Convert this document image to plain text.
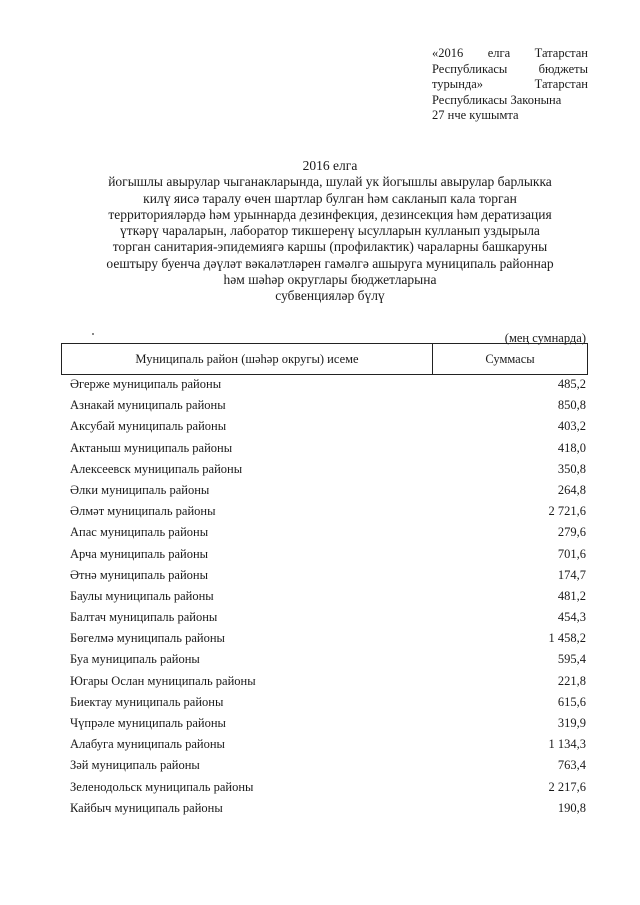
«2016 елга Татарстан
Республикасы бюджеты
турында» Татарстан
Республикасы Законына
27 нче кушымта
2016 елга
йогышлы авырулар чыганакларында, шулай ук йогышлы авырулар барлыкка
килү яисә таралу өчен шартлар булган һәм сакланып кала торган
территорияләрдә һәм урыннарда дезинфекция, дезинсекция һәм дератизация
үткәрү чараларын, лаборатор тикшеренү ысулларын кулланып уздырыла
торган санитария-эпидемиягә каршы (профилактик) чараларны башкаруны
оештыру буенча дәүләт вәкаләтләрен гамәлгә ашыруга муниципаль районнар
һәм шәһәр округлары бюджетларына
субвенцияләр бүлү
(мең сумнарда)
Муниципаль район (шәһәр округы) исеме	Суммасы
Әгерже муниципаль районы	485,2
Азнакай муниципаль районы	850,8
Аксубай муниципаль районы	403,2
Актаныш муниципаль районы	418,0
Алексеевск муниципаль районы	350,8
Әлки муниципаль районы	264,8
Әлмәт муниципаль районы	2 721,6
Апас муниципаль районы	279,6
Арча муниципаль районы	701,6
Әтнә муниципаль районы	174,7
Баулы муниципаль районы	481,2
Балтач муниципаль районы	454,3
Бөгелмә муниципаль районы	1 458,2
Буа муниципаль районы	595,4
Югары Ослан муниципаль районы	221,8
Биектау муниципаль районы	615,6
Чүпрәле муниципаль районы	319,9
Алабуга муниципаль районы	1 134,3
Зәй муниципаль районы	763,4
Зеленодольск муниципаль районы	2 217,6
Кайбыч муниципаль районы	190,8
